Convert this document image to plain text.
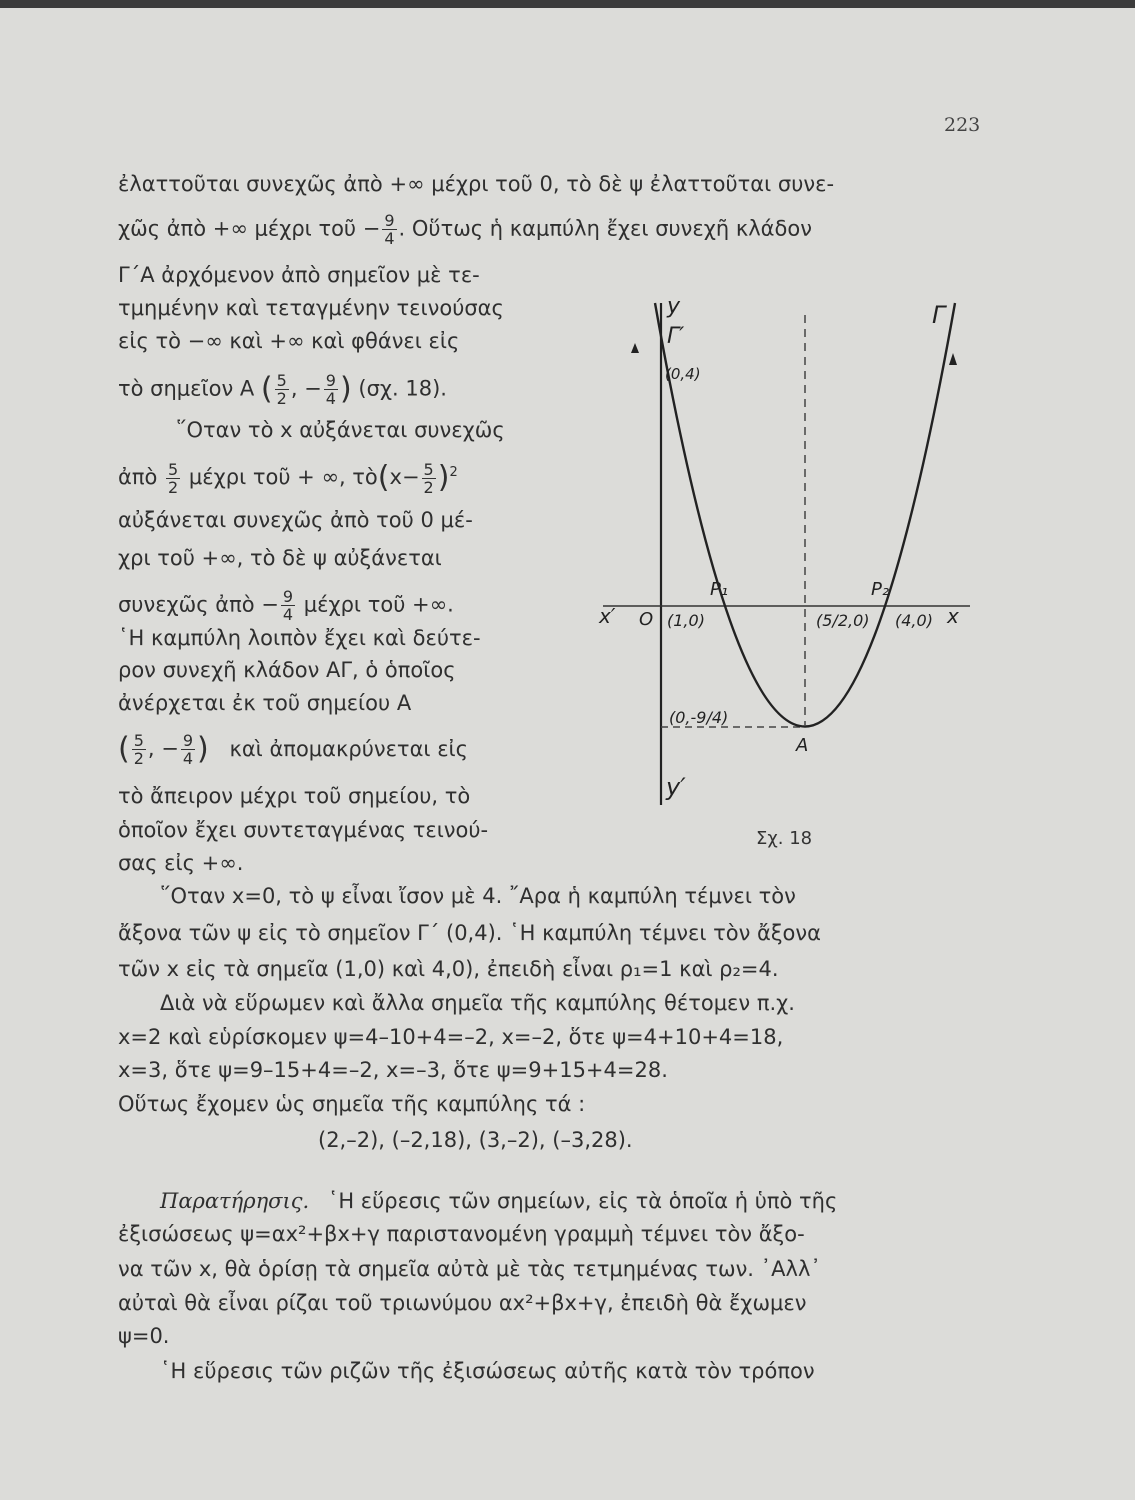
223
ἐλαττοῦται συνεχῶς ἀπὸ +∞ μέχρι τοῦ 0, τὸ δὲ ψ ἐλαττοῦται συνε-
χῶς ἀπὸ +∞ μέχρι τοῦ − $\frac{9}{4}$ . Οὕτως ἡ καμπύλη ἔχει συνεχῆ κλάδον
Γ΄Α ἀρχόμενον ἀπὸ σημεῖον μὲ τε-
τμημένην καὶ τεταγμένην τεινούσας
εἰς τὸ −∞ καὶ +∞ καὶ φθάνει εἰς
τὸ σημεῖον Α ( $\frac{5}{2}$ , − $\frac{9}{4}$ ) (σχ. 18).
῞Οταν τὸ x αὐξάνεται συνεχῶς
ἀπὸ $\frac{5}{2}$ μέχρι τοῦ + ∞, τὸ(x− $\frac{5}{2} )^2$
αὐξάνεται συνεχῶς ἀπὸ τοῦ 0 μέ-
χρι τοῦ +∞, τὸ δὲ ψ αὐξάνεται
συνεχῶς ἀπὸ − $\frac{9}{4}$ μέχρι τοῦ +∞.
῾Η καμπύλη λοιπὸν ἔχει καὶ δεύτε-
ρον συνεχῆ κλάδον ΑΓ, ὁ ὁποῖος
ἀνέρχεται ἐκ τοῦ σημείου Α
( $\frac{5}{2}$ , − $\frac{9}{4}$ ) καὶ ἀπομακρύνεται εἰς
τὸ ἄπειρον μέχρι τοῦ σημείου, τὸ
ὁποῖον ἔχει συντεταγμένας τεινού-
σας εἰς +∞.
y
y′
x
x′ O
Γ
Γ′
P₁	P₂
A
(0,4)
(1,0)	(5/2,0) (4,0)
(0,-9/4)
Σχ. 18
῞Οταν x=0, τὸ ψ εἶναι ἴσον μὲ 4. ῎Αρα ἡ καμπύλη τέμνει τὸν
ἄξονα τῶν ψ εἰς τὸ σημεῖον Γ΄ (0,4). ῾Η καμπύλη τέμνει τὸν ἄξονα
τῶν x εἰς τὰ σημεῖα (1,0) καὶ 4,0), ἐπειδὴ εἶναι ρ₁=1 καὶ ρ₂=4.
Διὰ νὰ εὕρωμεν καὶ ἄλλα σημεῖα τῆς καμπύλης θέτομεν π.χ.
x=2 καὶ εὑρίσκομεν ψ=4–10+4=–2, x=–2, ὅτε ψ=4+10+4=18,
x=3, ὅτε ψ=9–15+4=–2, x=–3, ὅτε ψ=9+15+4=28.
Οὕτως ἔχομεν ὡς σημεῖα τῆς καμπύλης τά :
(2,–2), (–2,18), (3,–2), (–3,28).
Παρατήρησις. ῾Η εὕρεσις τῶν σημείων, εἰς τὰ ὁποῖα ἡ ὑπὸ τῆς
ἐξισώσεως ψ=αx²+βx+γ παριστανομένη γραμμὴ τέμνει τὸν ἄξο-
να τῶν x, θὰ ὁρίσῃ τὰ σημεῖα αὐτὰ μὲ τὰς τετμημένας των. ᾿Αλλ᾿
αὐταὶ θὰ εἶναι ρίζαι τοῦ τριωνύμου αx²+βx+γ, ἐπειδὴ θὰ ἔχωμεν
ψ=0.
῾Η εὕρεσις τῶν ριζῶν τῆς ἐξισώσεως αὐτῆς κατὰ τὸν τρόπον
